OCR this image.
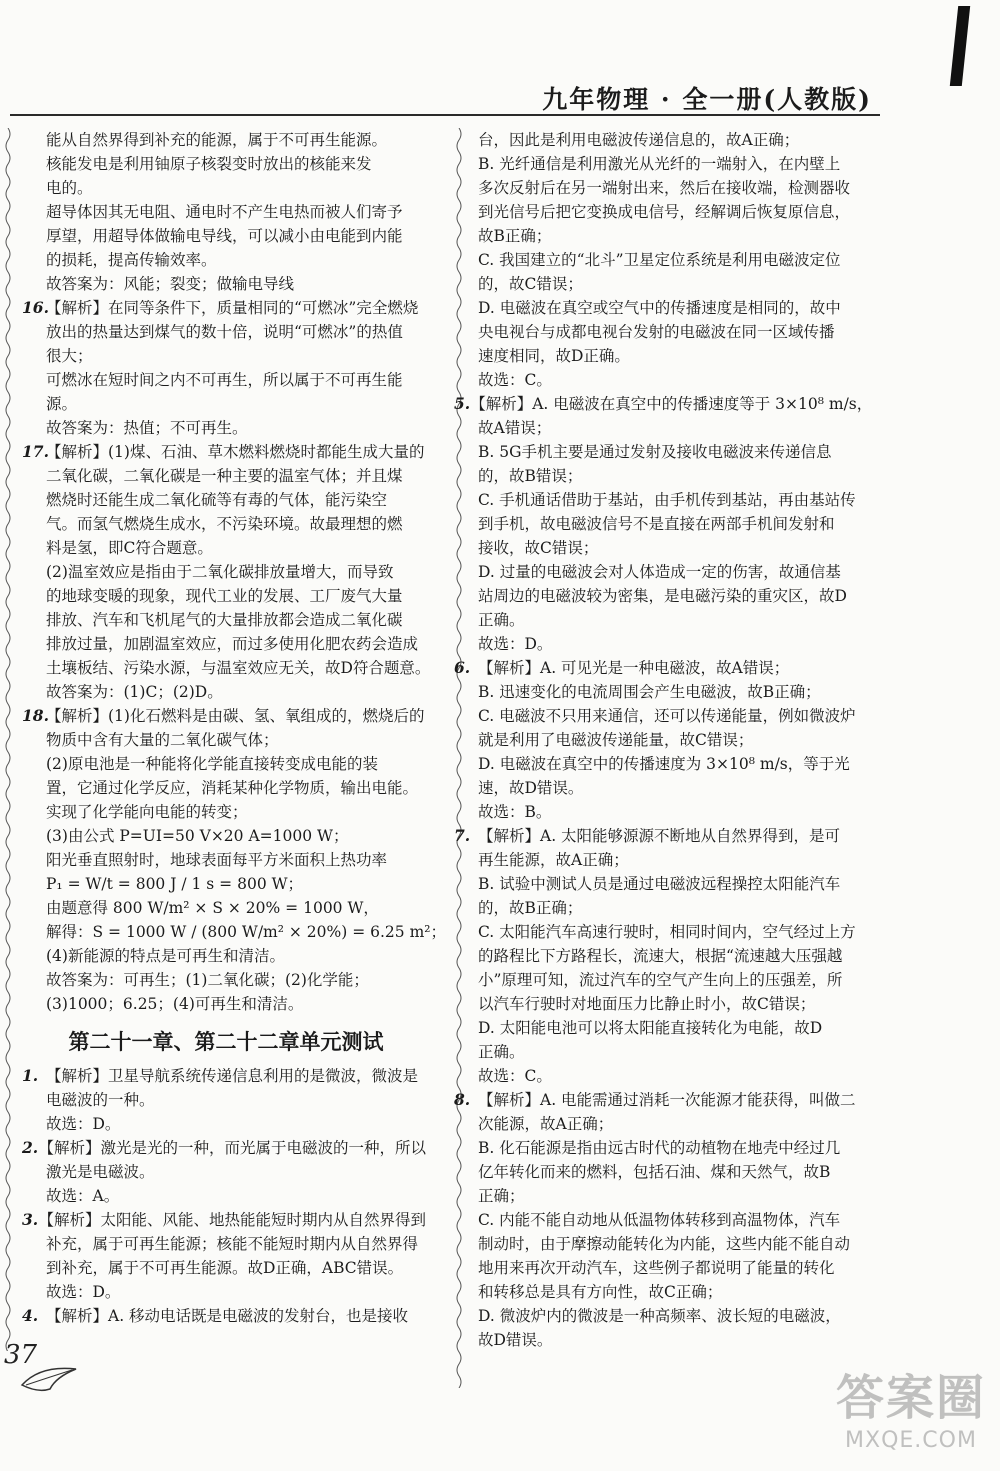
九年物理 · 全一册(人教版)

能从自然界得到补充的能源，属于不可再生能源。

核能发电是利用铀原子核裂变时放出的核能来发

电的。

超导体因其无电阻、通电时不产生电热而被人们寄予

厚望，用超导体做输电导线，可以减小由电能到内能

的损耗，提高传输效率。

故答案为：风能；裂变；做输电导线

16.
【解析】在同等条件下，质量相同的“可燃冰”完全燃烧

放出的热量达到煤气的数十倍，说明“可燃冰”的热值

很大；

可燃冰在短时间之内不可再生，所以属于不可再生能

源。

故答案为：热值；不可再生。

17.
【解析】(1)煤、石油、草木燃料燃烧时都能生成大量的

二氧化碳，二氧化碳是一种主要的温室气体；并且煤

燃烧时还能生成二氧化硫等有毒的气体，能污染空

气。而氢气燃烧生成水，不污染环境。故最理想的燃

料是氢，即C符合题意。

(2)温室效应是指由于二氧化碳排放量增大，而导致

的地球变暖的现象，现代工业的发展、工厂废气大量

排放、汽车和飞机尾气的大量排放都会造成二氧化碳

排放过量，加剧温室效应，而过多使用化肥农药会造成

土壤板结、污染水源，与温室效应无关，故D符合题意。

故答案为：(1)C；(2)D。

18.
【解析】(1)化石燃料是由碳、氢、氧组成的，燃烧后的

物质中含有大量的二氧化碳气体；

(2)原电池是一种能将化学能直接转变成电能的装

置，它通过化学反应，消耗某种化学物质，输出电能。

实现了化学能向电能的转变；

(3)由公式 P=UI=50 V×20 A=1000 W；

阳光垂直照射时，地球表面每平方米面积上热功率

P₁ = W/t = 800 J / 1 s = 800 W；

由题意得 800 W/m² × S × 20% = 1000 W，

解得：S = 1000 W / (800 W/m² × 20%) = 6.25 m²；

(4)新能源的特点是可再生和清洁。

故答案为：可再生；(1)二氧化碳；(2)化学能；

(3)1000；6.25；(4)可再生和清洁。

第二十一章、第二十二章单元测试
1. 【解析】卫星导航系统传递信息利用的是微波，微波是

电磁波的一种。

故选：D。

2. 【解析】激光是光的一种，而光属于电磁波的一种，所以

激光是电磁波。

故选：A。

3. 【解析】太阳能、风能、地热能能短时期内从自然界得到

补充，属于可再生能源；核能不能短时期内从自然界得

到补充，属于不可再生能源。故D正确，ABC错误。

故选：D。

4. 【解析】A. 移动电话既是电磁波的发射台，也是接收

台，因此是利用电磁波传递信息的，故A正确；

B. 光纤通信是利用激光从光纤的一端射入，在内壁上

多次反射后在另一端射出来，然后在接收端，检测器收

到光信号后把它变换成电信号，经解调后恢复原信息，

故B正确；

C. 我国建立的“北斗”卫星定位系统是利用电磁波定位

的，故C错误；

D. 电磁波在真空或空气中的传播速度是相同的，故中

央电视台与成都电视台发射的电磁波在同一区域传播

速度相同，故D正确。

故选：C。

5. 【解析】A. 电磁波在真空中的传播速度等于 3×10⁸ m/s，

故A错误；

B. 5G手机主要是通过发射及接收电磁波来传递信息

的，故B错误；

C. 手机通话借助于基站，由手机传到基站，再由基站传

到手机，故电磁波信号不是直接在两部手机间发射和

接收，故C错误；

D. 过量的电磁波会对人体造成一定的伤害，故通信基

站周边的电磁波较为密集，是电磁污染的重灾区，故D

正确。

故选：D。

6. 【解析】A. 可见光是一种电磁波，故A错误；

B. 迅速变化的电流周围会产生电磁波，故B正确；

C. 电磁波不只用来通信，还可以传递能量，例如微波炉

就是利用了电磁波传递能量，故C错误；

D. 电磁波在真空中的传播速度为 3×10⁸ m/s，等于光

速，故D错误。

故选：B。

7. 【解析】A. 太阳能够源源不断地从自然界得到，是可

再生能源，故A正确；

B. 试验中测试人员是通过电磁波远程操控太阳能汽车

的，故B正确；

C. 太阳能汽车高速行驶时，相同时间内，空气经过上方

的路程比下方路程长，流速大，根据“流速越大压强越

小”原理可知，流过汽车的空气产生向上的压强差，所

以汽车行驶时对地面压力比静止时小，故C错误；

D. 太阳能电池可以将太阳能直接转化为电能，故D

正确。

故选：C。

8. 【解析】A. 电能需通过消耗一次能源才能获得，叫做二

次能源，故A正确；

B. 化石能源是指由远古时代的动植物在地壳中经过几

亿年转化而来的燃料，包括石油、煤和天然气，故B

正确；

C. 内能不能自动地从低温物体转移到高温物体，汽车

制动时，由于摩擦动能转化为内能，这些内能不能自动

地用来再次开动汽车，这些例子都说明了能量的转化

和转移总是具有方向性，故C正确；

D. 微波炉内的微波是一种高频率、波长短的电磁波，

故D错误。

37
答案圈
MXQE.COM
